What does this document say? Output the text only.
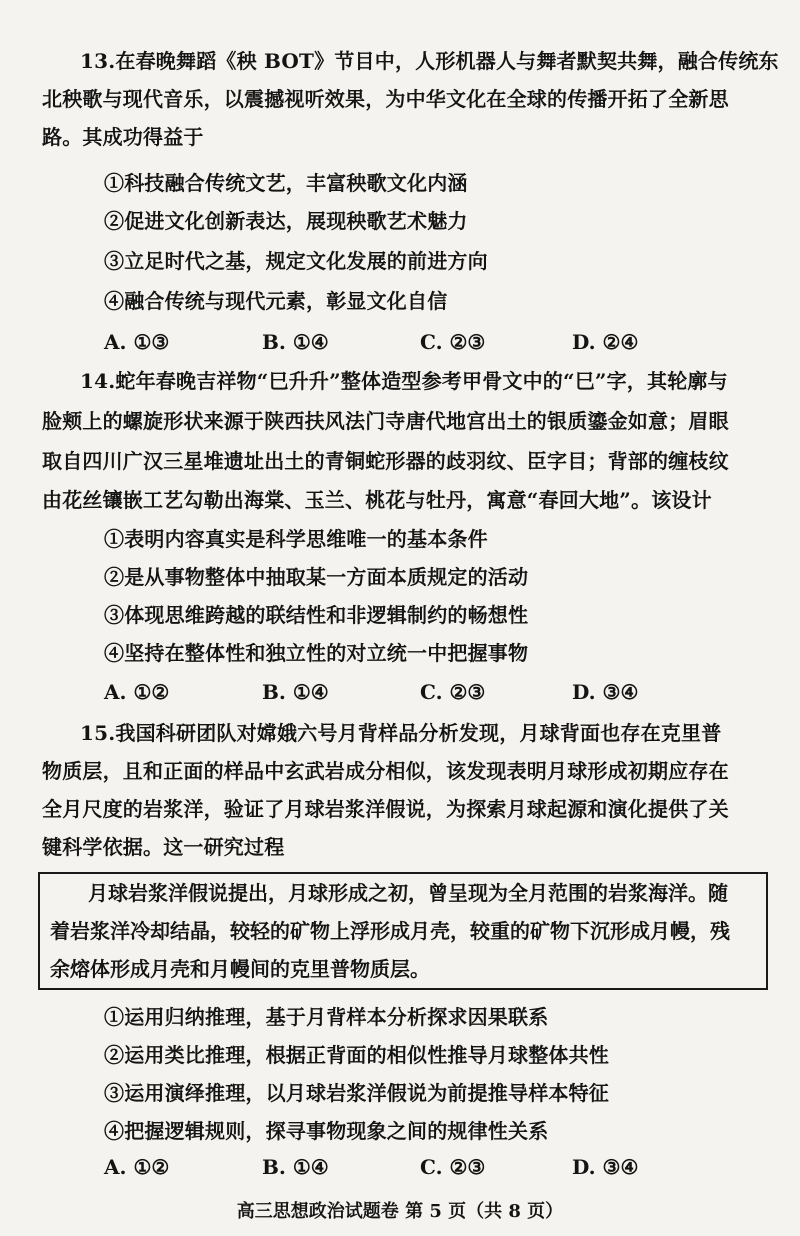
13.在春晚舞蹈《秧 BOT》节目中，人形机器人与舞者默契共舞，融合传统东
北秧歌与现代音乐，以震撼视听效果，为中华文化在全球的传播开拓了全新思
路。其成功得益于
①科技融合传统文艺，丰富秧歌文化内涵
②促进文化创新表达，展现秧歌艺术魅力
③立足时代之基，规定文化发展的前进方向
④融合传统与现代元素，彰显文化自信
A. ①③	B. ①④	C. ②③	D. ②④
14.蛇年春晚吉祥物“巳升升”整体造型参考甲骨文中的“巳”字，其轮廓与
脸颊上的螺旋形状来源于陕西扶风法门寺唐代地宫出土的银质鎏金如意；眉眼
取自四川广汉三星堆遗址出土的青铜蛇形器的歧羽纹、臣字目；背部的缠枝纹
由花丝镶嵌工艺勾勒出海棠、玉兰、桃花与牡丹，寓意“春回大地”。该设计
①表明内容真实是科学思维唯一的基本条件
②是从事物整体中抽取某一方面本质规定的活动
③体现思维跨越的联结性和非逻辑制约的畅想性
④坚持在整体性和独立性的对立统一中把握事物
A. ①②	B. ①④	C. ②③	D. ③④
15.我国科研团队对嫦娥六号月背样品分析发现，月球背面也存在克里普
物质层，且和正面的样品中玄武岩成分相似，该发现表明月球形成初期应存在
全月尺度的岩浆洋，验证了月球岩浆洋假说，为探索月球起源和演化提供了关
键科学依据。这一研究过程
月球岩浆洋假说提出，月球形成之初，曾呈现为全月范围的岩浆海洋。随
着岩浆洋冷却结晶，较轻的矿物上浮形成月壳，较重的矿物下沉形成月幔，残
余熔体形成月壳和月幔间的克里普物质层。
①运用归纳推理，基于月背样本分析探求因果联系
②运用类比推理，根据正背面的相似性推导月球整体共性
③运用演绎推理，以月球岩浆洋假说为前提推导样本特征
④把握逻辑规则，探寻事物现象之间的规律性关系
A. ①②	B. ①④	C. ②③	D. ③④
高三思想政治试题卷 第 5 页（共 8 页）
